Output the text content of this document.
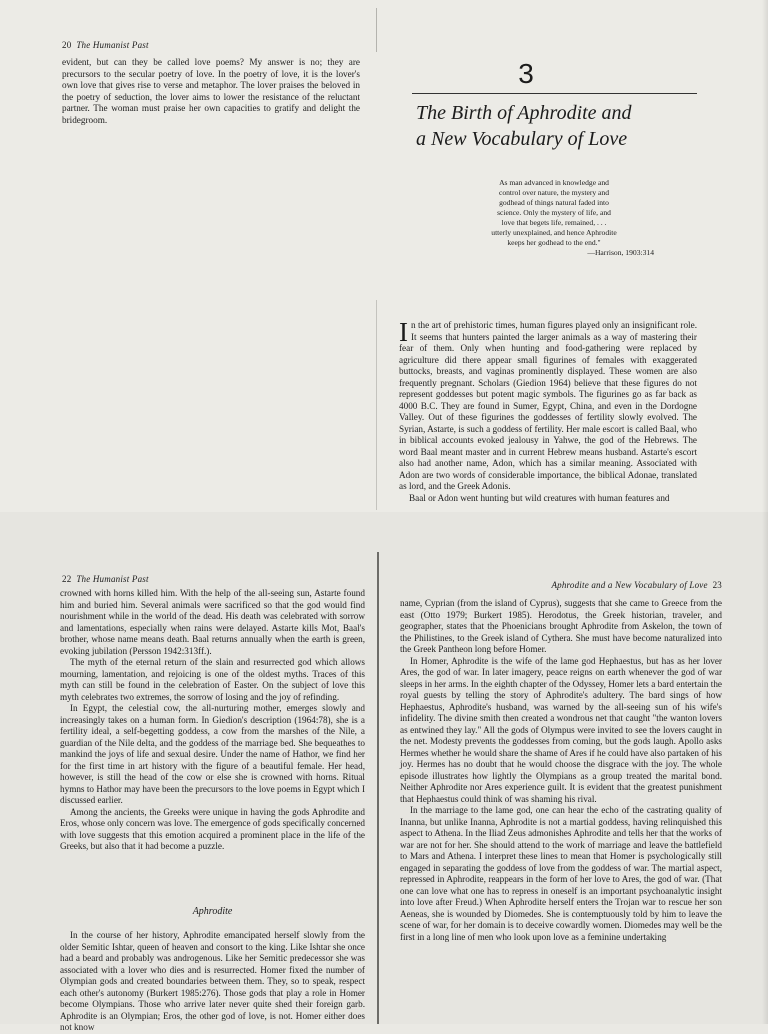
20 The Humanist Past

evident, but can they be called love poems? My answer is no; they are precursors to the secular poetry of love. In the poetry of love, it is the lover's own love that gives rise to verse and metaphor. The lover praises the beloved in the poetry of seduction, the lover aims to lower the resistance of the reluctant partner. The woman must praise her own capacities to gratify and delight the bridegroom.

3
The Birth of Aphrodite and
a New Vocabulary of Love
As man advanced in knowledge and
control over nature, the mystery and
godhead of things natural faded into
science. Only the mystery of life, and
love that begets life, remained, . . .
utterly unexplained, and hence Aphrodite
keeps her godhead to the end."
—Harrison, 1903:314

In the art of prehistoric times, human figures played only an insignificant role. It seems that hunters painted the larger animals as a way of mastering their fear of them. Only when hunting and food-gathering were replaced by agriculture did there appear small figurines of females with exaggerated buttocks, breasts, and vaginas prominently displayed. These women are also frequently pregnant. Scholars (Giedion 1964) believe that these figures do not represent goddesses but potent magic symbols. The figurines go as far back as 4000 B.C. They are found in Sumer, Egypt, China, and even in the Dordogne Valley. Out of these figurines the goddesses of fertility slowly evolved. The Syrian, Astarte, is such a goddess of fertility. Her male escort is called Baal, who in biblical accounts evoked jealousy in Yahwe, the god of the Hebrews. The word Baal meant master and in current Hebrew means husband. Astarte's escort also had another name, Adon, which has a similar meaning. Associated with Adon are two words of considerable importance, the biblical Adonae, translated as lord, and the Greek Adonis.

Baal or Adon went hunting but wild creatures with human features and

22 The Humanist Past

crowned with horns killed him. With the help of the all-seeing sun, Astarte found him and buried him. Several animals were sacrificed so that the god would find nourishment while in the world of the dead. His death was celebrated with sorrow and lamentations, especially when rains were delayed. Astarte kills Mot, Baal's brother, whose name means death. Baal returns annually when the earth is green, evoking jubilation (Persson 1942:313ff.).

The myth of the eternal return of the slain and resurrected god which allows mourning, lamentation, and rejoicing is one of the oldest myths. Traces of this myth can still be found in the celebration of Easter. On the subject of love this myth celebrates two extremes, the sorrow of losing and the joy of refinding.

In Egypt, the celestial cow, the all-nurturing mother, emerges slowly and increasingly takes on a human form. In Giedion's description (1964:78), she is a fertility ideal, a self-begetting goddess, a cow from the marshes of the Nile, a guardian of the Nile delta, and the goddess of the marriage bed. She bequeathes to mankind the joys of life and sexual desire. Under the name of Hathor, we find her for the first time in art history with the figure of a beautiful female. Her head, however, is still the head of the cow or else she is crowned with horns. Ritual hymns to Hathor may have been the precursors to the love poems in Egypt which I discussed earlier.

Among the ancients, the Greeks were unique in having the gods Aphrodite and Eros, whose only concern was love. The emergence of gods specifically concerned with love suggests that this emotion acquired a prominent place in the life of the Greeks, but also that it had become a puzzle.

Aphrodite

In the course of her history, Aphrodite emancipated herself slowly from the older Semitic Ishtar, queen of heaven and consort to the king. Like Ishtar she once had a beard and probably was androgenous. Like her Semitic predecessor she was associated with a lover who dies and is resurrected. Homer fixed the number of Olympian gods and created boundaries between them. They, so to speak, respect each other's autonomy (Burkert 1985:276). Those gods that play a role in Homer become Olympians. Those who arrive later never quite shed their foreign garb. Aphrodite is an Olympian; Eros, the other god of love, is not. Homer either does not know

Aphrodite and a New Vocabulary of Love 23

name, Cyprian (from the island of Cyprus), suggests that she came to Greece from the east (Otto 1979; Burkert 1985). Herodotus, the Greek historian, traveler, and geographer, states that the Phoenicians brought Aphrodite from Askelon, the town of the Philistines, to the Greek island of Cythera. She must have become naturalized into the Greek Pantheon long before Homer.

In Homer, Aphrodite is the wife of the lame god Hephaestus, but has as her lover Ares, the god of war. In later imagery, peace reigns on earth whenever the god of war sleeps in her arms. In the eighth chapter of the Odyssey, Homer lets a bard entertain the royal guests by telling the story of Aphrodite's adultery. The bard sings of how Hephaestus, Aphrodite's husband, was warned by the all-seeing sun of his wife's infidelity. The divine smith then created a wondrous net that caught "the wanton lovers as entwined they lay." All the gods of Olympus were invited to see the lovers caught in the net. Modesty prevents the goddesses from coming, but the gods laugh. Apollo asks Hermes whether he would share the shame of Ares if he could have also partaken of his joy. Hermes has no doubt that he would choose the disgrace with the joy. The whole episode illustrates how lightly the Olympians as a group treated the marital bond. Neither Aphrodite nor Ares experience guilt. It is evident that the greatest punishment that Hephaestus could think of was shaming his rival.

In the marriage to the lame god, one can hear the echo of the castrating quality of Inanna, but unlike Inanna, Aphrodite is not a martial goddess, having relinquished this aspect to Athena. In the Iliad Zeus admonishes Aphrodite and tells her that the works of war are not for her. She should attend to the work of marriage and leave the battlefield to Mars and Athena. I interpret these lines to mean that Homer is psychologically still engaged in separating the goddess of love from the goddess of war. The martial aspect, repressed in Aphrodite, reappears in the form of her love to Ares, the god of war. (That one can love what one has to repress in oneself is an important psychoanalytic insight into love after Freud.) When Aphrodite herself enters the Trojan war to rescue her son Aeneas, she is wounded by Diomedes. She is contemptuously told by him to leave the scene of war, for her domain is to deceive cowardly women. Diomedes may well be the first in a long line of men who look upon love as a feminine undertaking
